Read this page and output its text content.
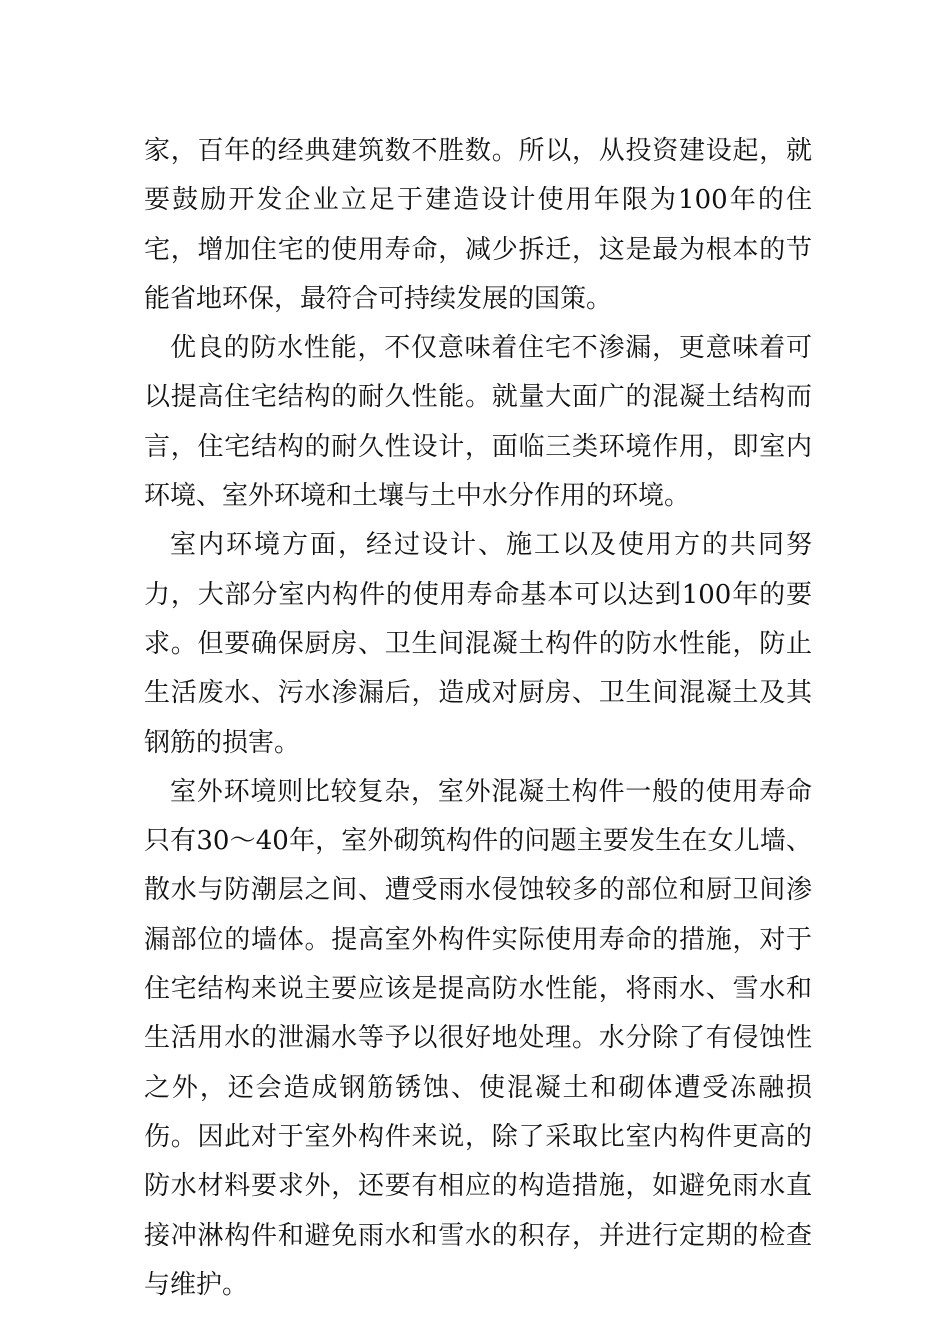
家，百年的经典建筑数不胜数。所以，从投资建设起，就要鼓励开发企业立足于建造设计使用年限为100年的住宅，增加住宅的使用寿命，减少拆迁，这是最为根本的节能省地环保，最符合可持续发展的国策。

优良的防水性能，不仅意味着住宅不渗漏，更意味着可以提高住宅结构的耐久性能。就量大面广的混凝土结构而言，住宅结构的耐久性设计，面临三类环境作用，即室内环境、室外环境和土壤与土中水分作用的环境。

室内环境方面，经过设计、施工以及使用方的共同努力，大部分室内构件的使用寿命基本可以达到100年的要求。但要确保厨房、卫生间混凝土构件的防水性能，防止生活废水、污水渗漏后，造成对厨房、卫生间混凝土及其钢筋的损害。

室外环境则比较复杂，室外混凝土构件一般的使用寿命只有30～40年，室外砌筑构件的问题主要发生在女儿墙、散水与防潮层之间、遭受雨水侵蚀较多的部位和厨卫间渗漏部位的墙体。提高室外构件实际使用寿命的措施，对于住宅结构来说主要应该是提高防水性能，将雨水、雪水和生活用水的泄漏水等予以很好地处理。水分除了有侵蚀性之外，还会造成钢筋锈蚀、使混凝土和砌体遭受冻融损伤。因此对于室外构件来说，除了采取比室内构件更高的防水材料要求外，还要有相应的构造措施，如避免雨水直接冲淋构件和避免雨水和雪水的积存，并进行定期的检查与维护。
